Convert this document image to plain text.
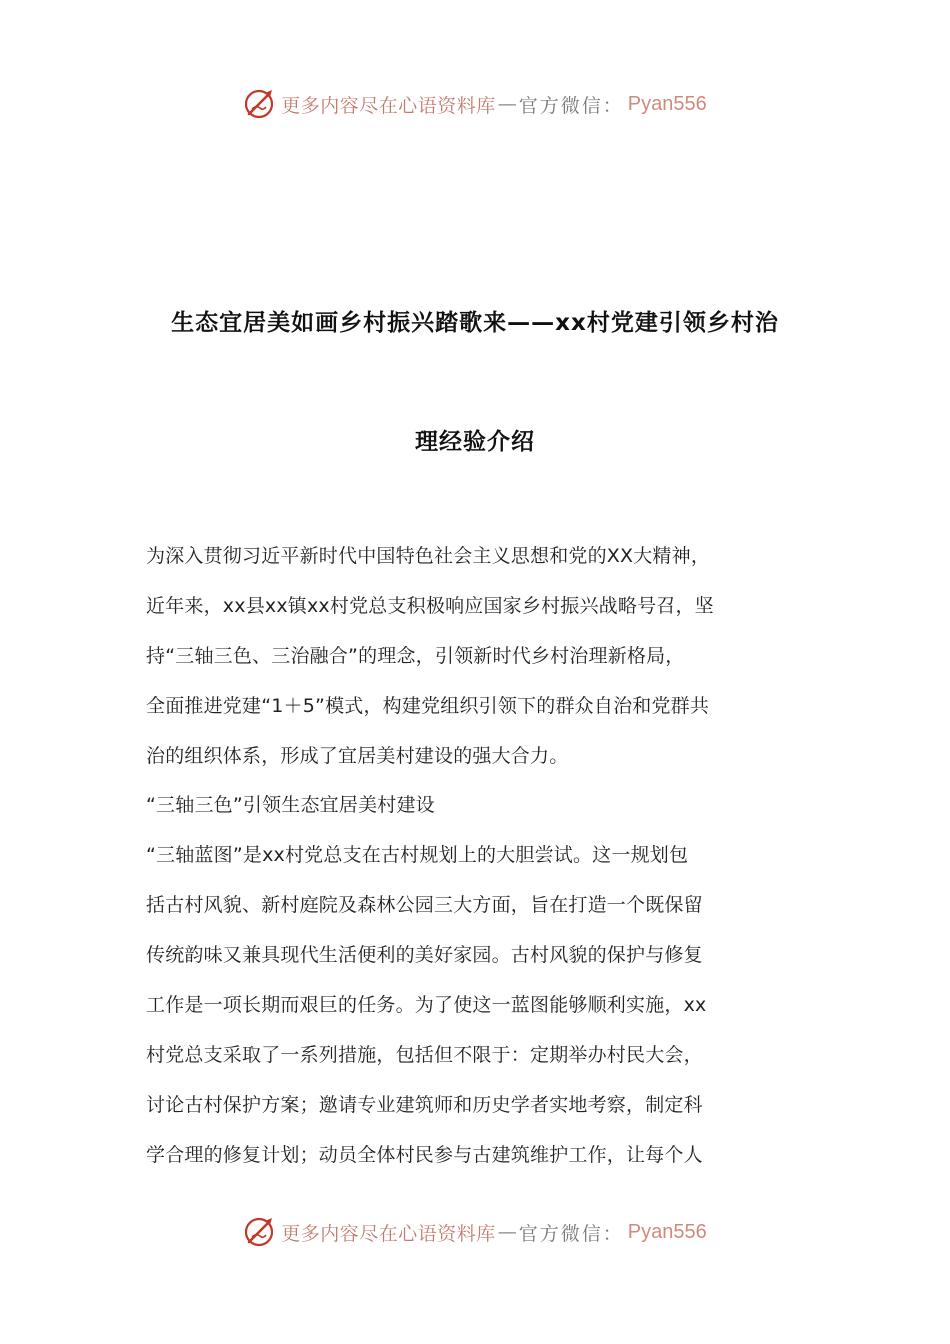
更多内容尽在心语资料库 — 官方微信： Pyan556
生态宜居美如画乡村振兴踏歌来——xx村党建引领乡村治
理经验介绍
为深入贯彻习近平新时代中国特色社会主义思想和党的XX大精神，
近年来，xx县xx镇xx村党总支积极响应国家乡村振兴战略号召，坚
持“三轴三色、三治融合”的理念，引领新时代乡村治理新格局，
全面推进党建“1＋5”模式，构建党组织引领下的群众自治和党群共
治的组织体系，形成了宜居美村建设的强大合力。
“三轴三色”引领生态宜居美村建设
“三轴蓝图”是xx村党总支在古村规划上的大胆尝试。这一规划包
括古村风貌、新村庭院及森林公园三大方面，旨在打造一个既保留
传统韵味又兼具现代生活便利的美好家园。古村风貌的保护与修复
工作是一项长期而艰巨的任务。为了使这一蓝图能够顺利实施，xx
村党总支采取了一系列措施，包括但不限于：定期举办村民大会，
讨论古村保护方案；邀请专业建筑师和历史学者实地考察，制定科
学合理的修复计划；动员全体村民参与古建筑维护工作，让每个人
更多内容尽在心语资料库 — 官方微信： Pyan556
